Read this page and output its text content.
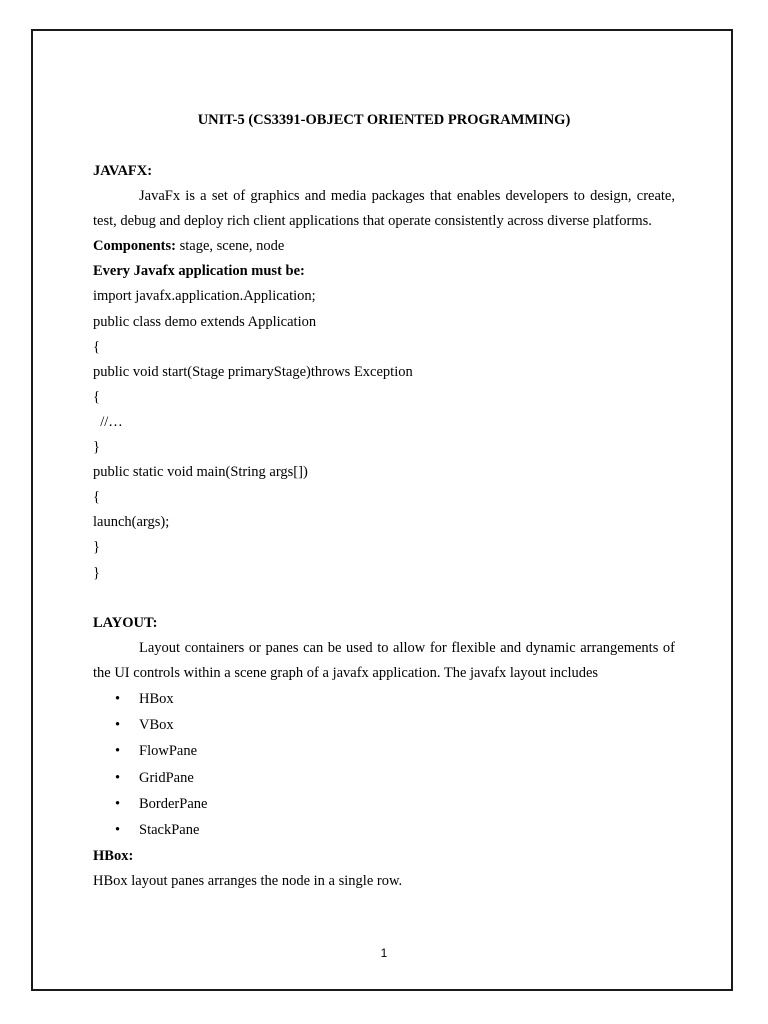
UNIT-5 (CS3391-OBJECT ORIENTED PROGRAMMING)

JAVAFX:

JavaFx is a set of graphics and media packages that enables developers to design, create, test, debug and deploy rich client applications that operate consistently across diverse platforms.

Components: stage, scene, node

Every Javafx application must be:

import javafx.application.Application;

public class demo extends Application

{

public void start(Stage primaryStage)throws Exception

{

//…

}

public static void main(String args[])

{

launch(args);

}

}

LAYOUT:

Layout containers or panes can be used to allow for flexible and dynamic arrangements of the UI controls within a scene graph of a javafx application. The javafx layout includes

• HBox
• VBox
• FlowPane
• GridPane
• BorderPane
• StackPane

HBox:

HBox layout panes arranges the node in a single row.

1
